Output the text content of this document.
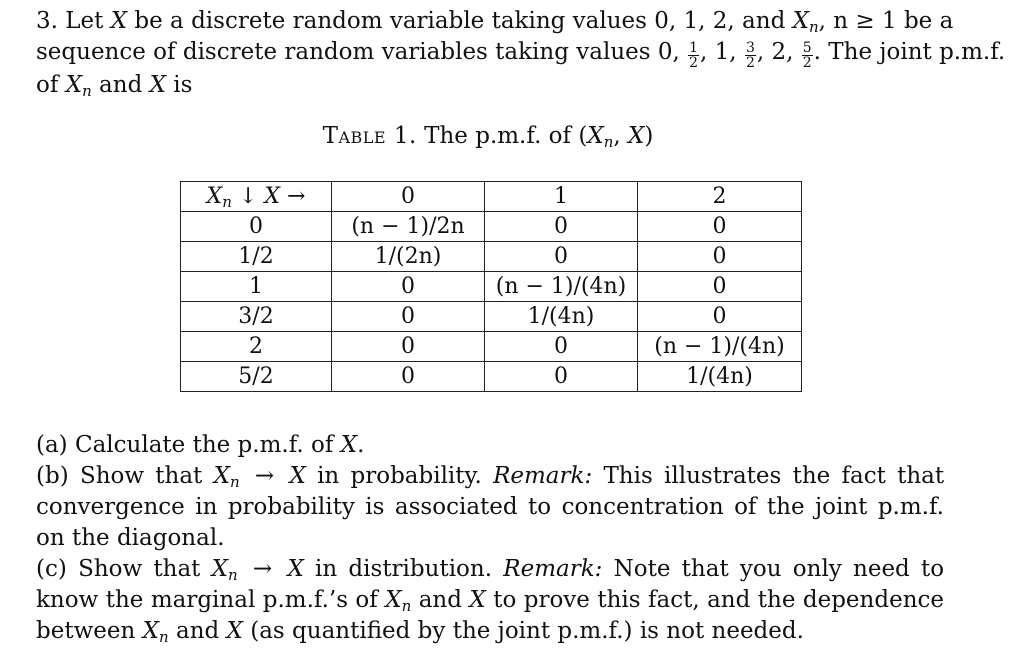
3. Let X be a discrete random variable taking values 0, 1, 2, and $X_n$, n ≥ 1 be a
sequence of discrete random variables taking values 0, $\frac{1}{2}$ , 1, $\frac{3}{2}$ , 2, $\frac{5}{2}$ . The joint p.m.f.
of $X_n$ and X is
Table 1. The p.m.f. of ($X_n$, X)
$X_n$ ↓ X →	0	1	2
0	(n − 1)/2n	0	0
1/2	1/(2n)	0	0
1	0	(n − 1)/(4n)	0
3/2	0	1/(4n)	0
2	0	0	(n − 1)/(4n)
5/2	0	0	1/(4n)

(a) Calculate the p.m.f. of X.

(b) Show that $X_n \to X$ in probability. Remark: This illustrates the fact that convergence in probability is associated to concentration of the joint p.m.f. on the diagonal.

(c) Show that $X_n \to X$ in distribution. Remark: Note that you only need to know the marginal p.m.f.’s of $X_n$ and X to prove this fact, and the dependence between $X_n$ and X (as quantified by the joint p.m.f.) is not needed.
